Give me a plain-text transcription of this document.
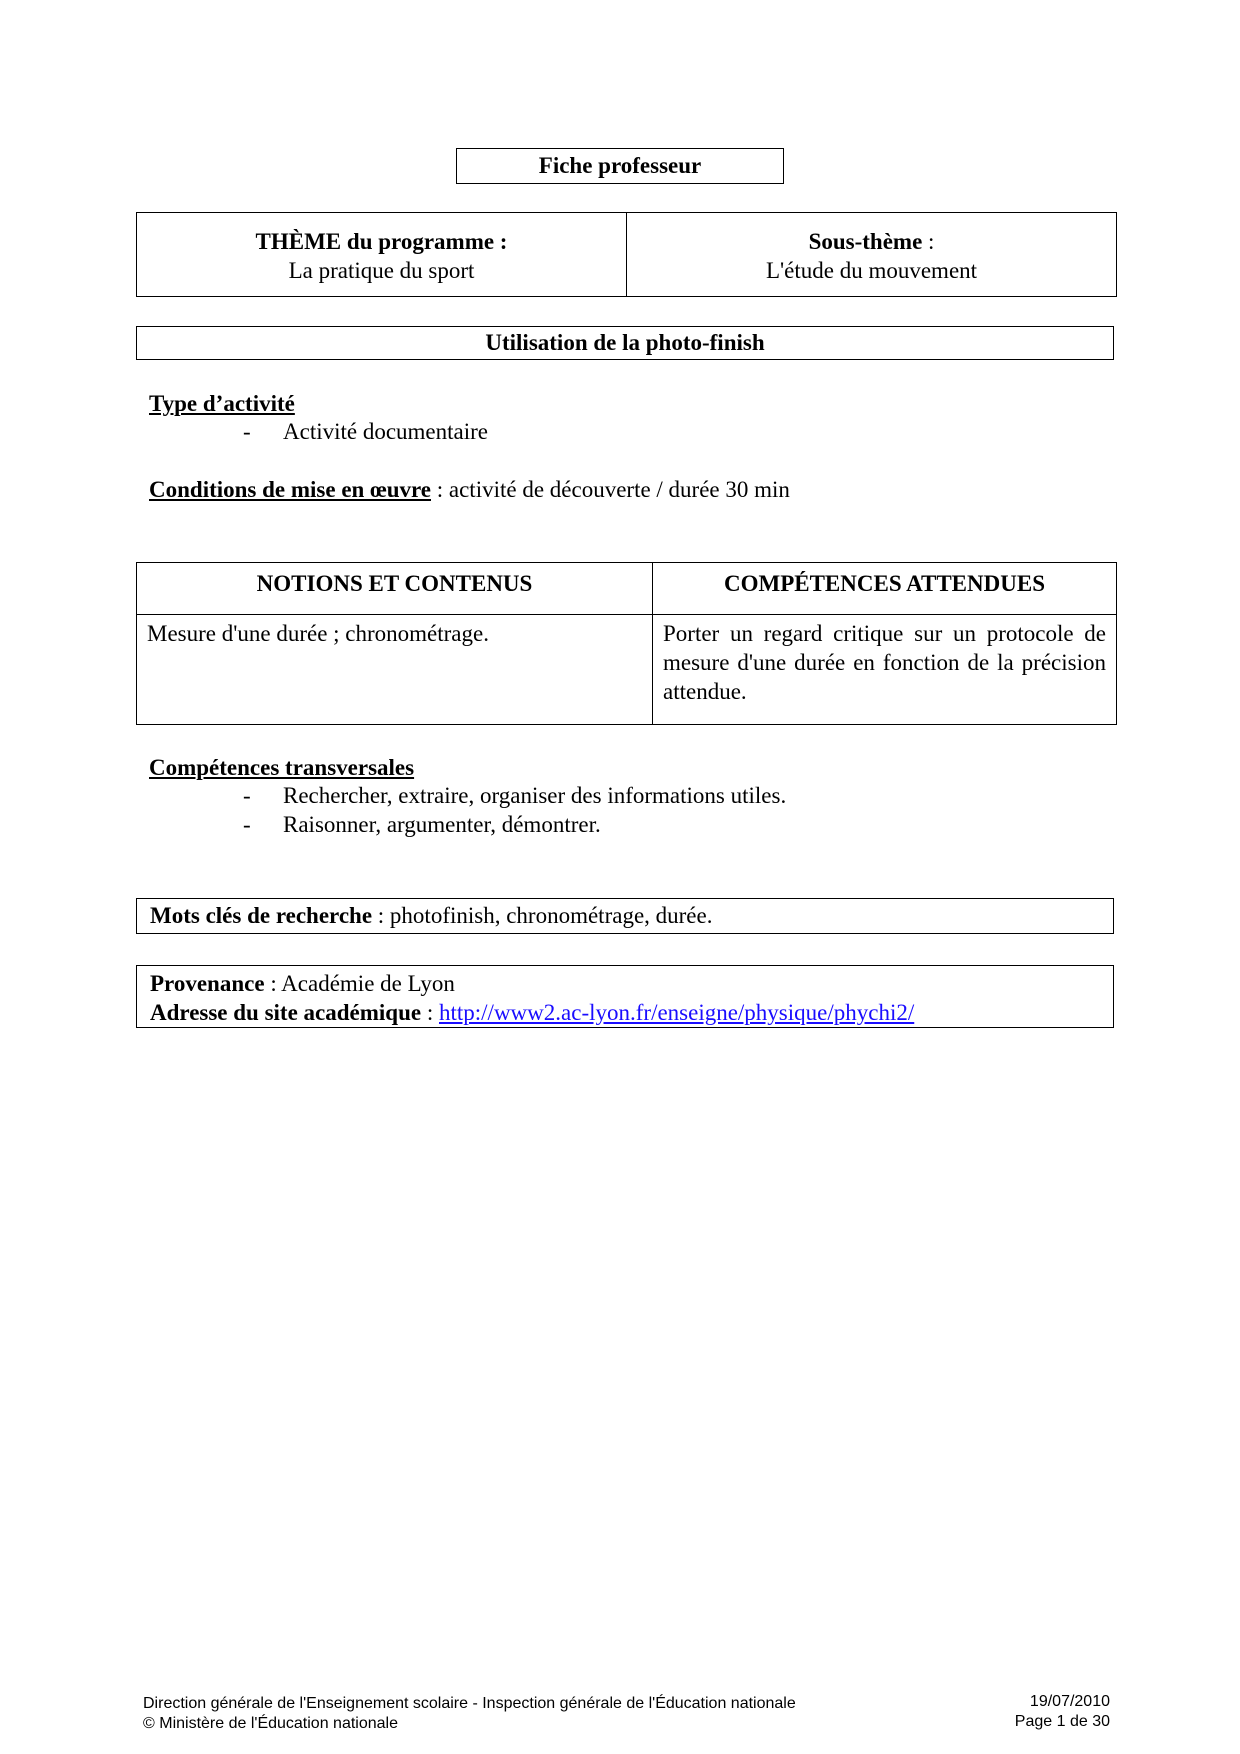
Fiche professeur
THÈME du programme :
La pratique du sport

Sous-thème :
L'étude du mouvement
Utilisation de la photo-finish
Type d’activité
- Activité documentaire
Conditions de mise en œuvre : activité de découverte / durée 30 min
NOTIONS ET CONTENUS	COMPÉTENCES ATTENDUES
Mesure d'une durée ; chronométrage.	Porter un regard critique sur un protocole de mesure d'une durée en fonction de la précision attendue.
Compétences transversales
- Rechercher, extraire, organiser des informations utiles.
- Raisonner, argumenter, démontrer.
Mots clés de recherche : photofinish, chronométrage, durée.
Provenance : Académie de Lyon
Adresse du site académique : http://www2.ac-lyon.fr/enseigne/physique/phychi2/
Direction générale de l'Enseignement scolaire - Inspection générale de l'Éducation nationale
© Ministère de l'Éducation nationale
19/07/2010
Page 1 de 30
